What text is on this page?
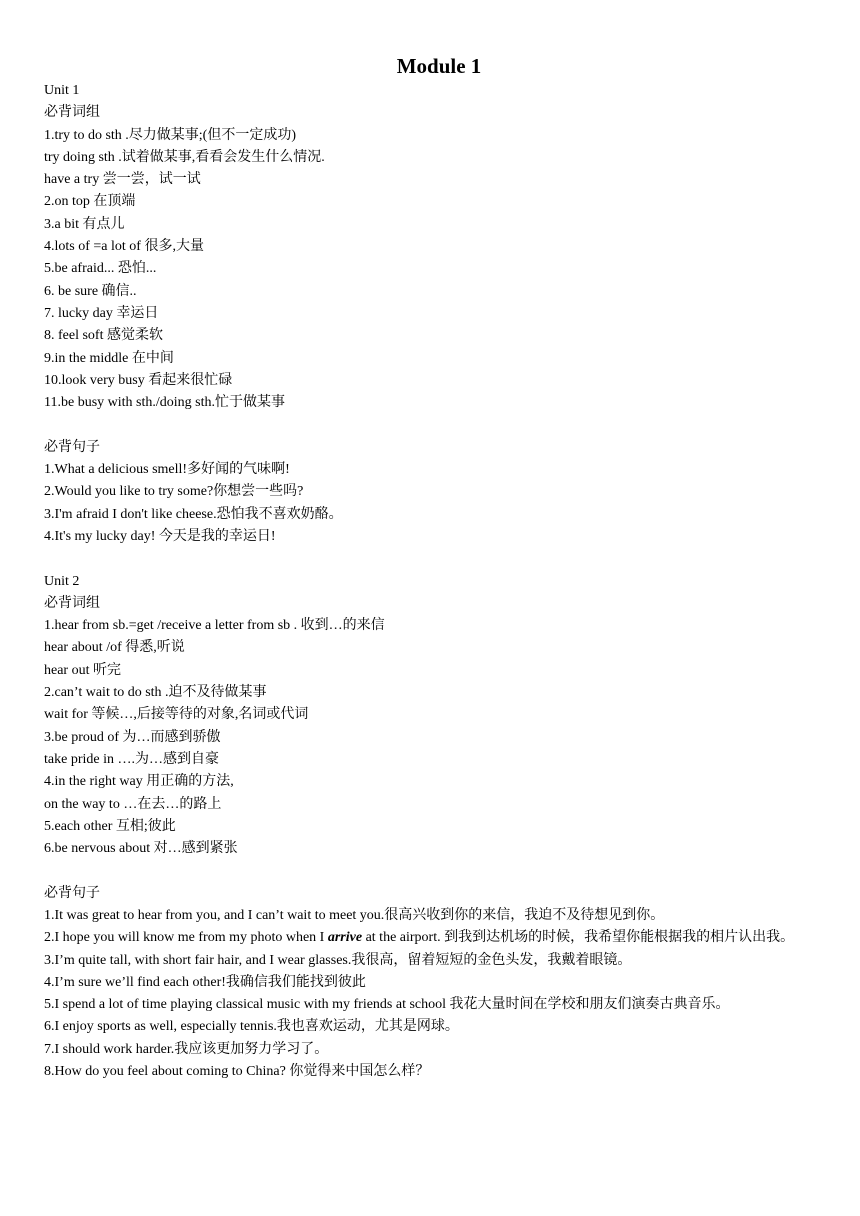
Module 1
Unit 1
必背词组
1.try to do sth .尽力做某事;(但不一定成功)
try doing sth .试着做某事,看看会发生什么情况.
have a try 尝一尝，试一试
2.on top 在顶端
3.a bit 有点儿
4.lots of =a lot of 很多,大量
5.be afraid... 恐怕...
6. be sure 确信..
7. lucky day 幸运日
8. feel soft 感觉柔软
9.in the middle 在中间
10.look very busy 看起来很忙碌
11.be busy with sth./doing sth.忙于做某事
必背句子
1.What a delicious smell!多好闻的气味啊!
2.Would you like to try some?你想尝一些吗?
3.I'm afraid I don't like cheese.恐怕我不喜欢奶酪。
4.It's my lucky day! 今天是我的幸运日!
Unit 2
必背词组
1.hear from sb.=get /receive a letter from sb . 收到…的来信
hear about /of 得悉,听说
hear out 听完
2.can’t wait to do sth .迫不及待做某事
wait for 等候…,后接等待的对象,名词或代词
3.be proud of 为…而感到骄傲
take pride in ….为…感到自豪
4.in the right way 用正确的方法,
on the way to …在去…的路上
5.each other 互相;彼此
6.be nervous about 对…感到紧张
必背句子
1.It was great to hear from you, and I can’t wait to meet you.很高兴收到你的来信，我迫不及待想见到你。
2.I hope you will know me from my photo when I arrive at the airport. 到我到达机场的时候，我希望你能根据我的相片认出我。
3.I’m quite tall, with short fair hair, and I wear glasses.我很高，留着短短的金色头发，我戴着眼镜。
4.I’m sure we’ll find each other!我确信我们能找到彼此
5.I spend a lot of time playing classical music with my friends at school 我花大量时间在学校和朋友们演奏古典音乐。
6.I enjoy sports as well, especially tennis.我也喜欢运动，尤其是网球。
7.I should work harder.我应该更加努力学习了。
8.How do you feel about coming to China? 你觉得来中国怎么样？
